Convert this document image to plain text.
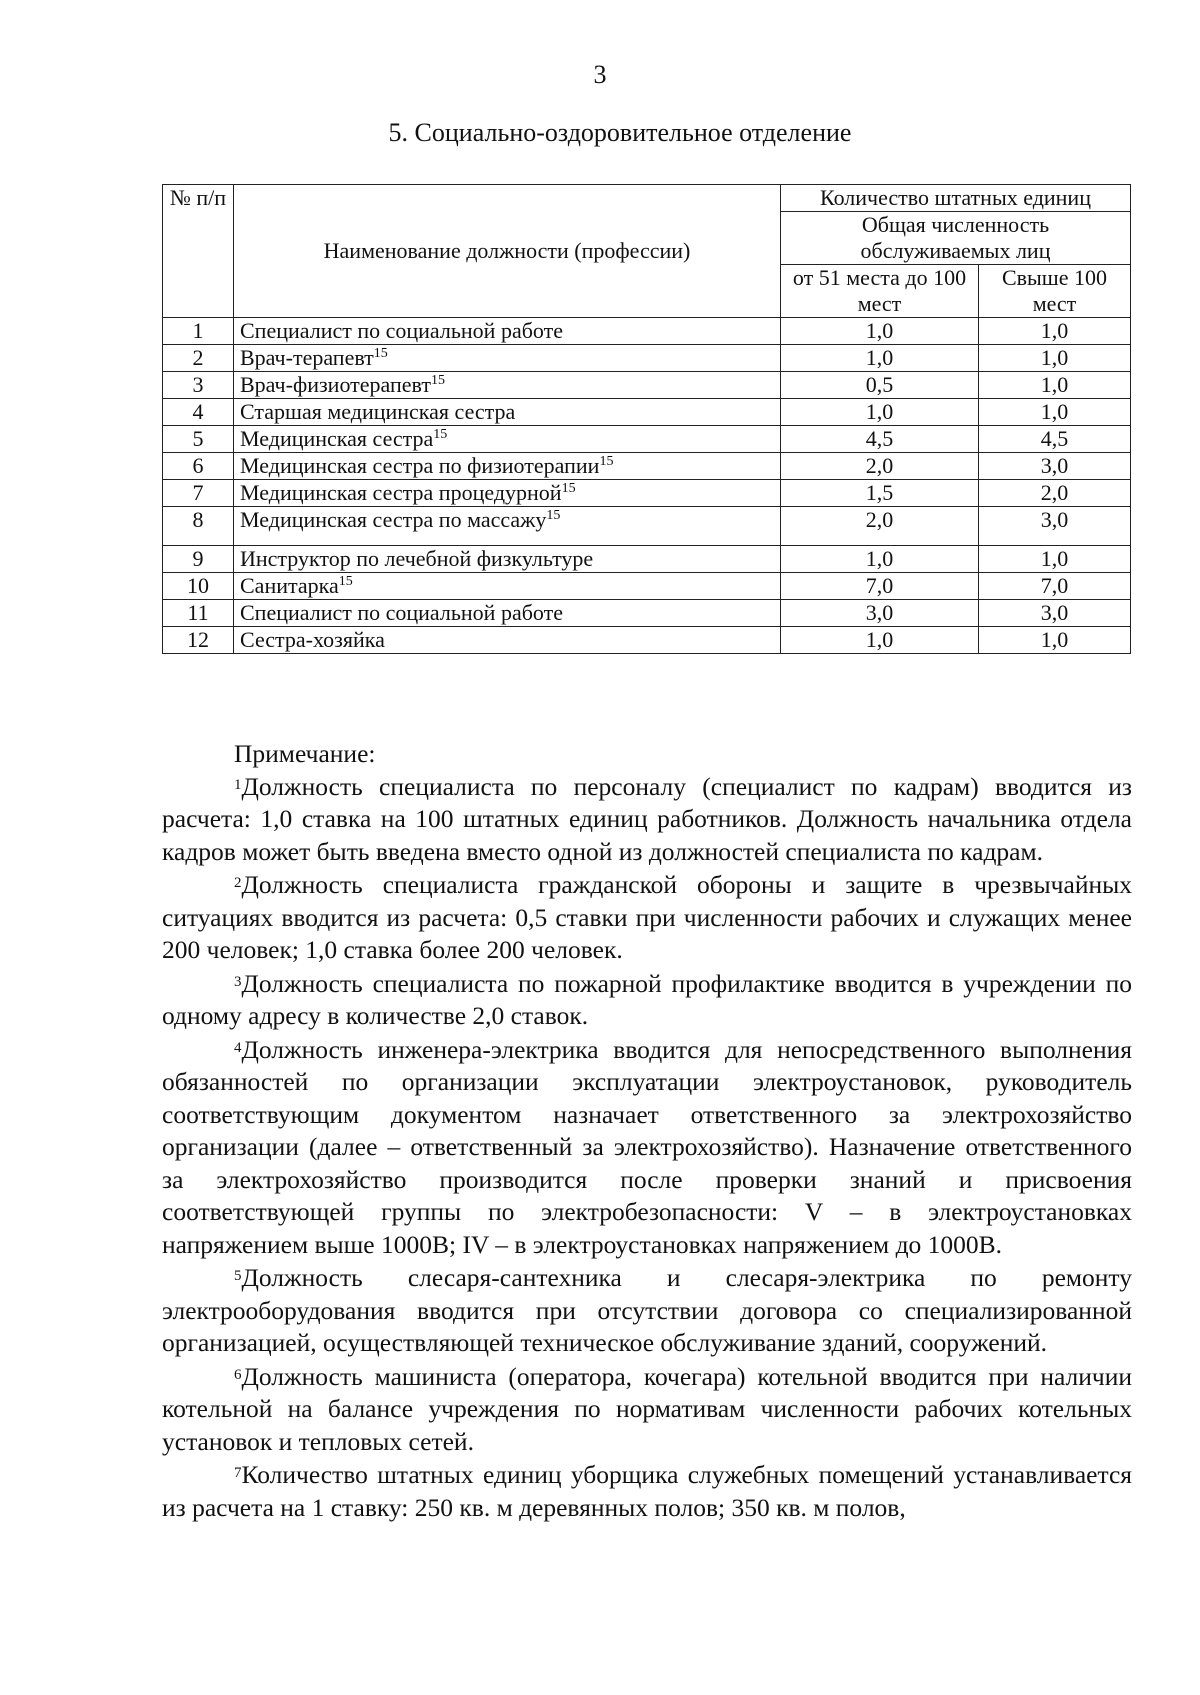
3
5. Социально-оздоровительное отделение
№ п/п	Наименование должности (профессии)	Количество штатных единиц	
		Общая численность обслуживаемых лиц	
		от 51 места до 100 мест	Свыше 100 мест

1	Специалист по социальной работе	1,0	1,0
2	Врач-терапевт$^{15}$	1,0	1,0
3	Врач-физиотерапевт$^{15}$	0,5	1,0
4	Старшая медицинская сестра	1,0	1,0
5	Медицинская сестра$^{15}$	4,5	4,5
6	Медицинская сестра по физиотерапии$^{15}$	2,0	3,0
7	Медицинская сестра процедурной$^{15}$	1,5	2,0
8	Медицинская сестра по массажу$^{15}$	2,0	3,0
9	Инструктор по лечебной физкультуре	1,0	1,0
10	Санитарка$^{15}$	7,0	7,0
11	Специалист по социальной работе	3,0	3,0
12	Сестра-хозяйка	1,0	1,0
Примечание:

$^1$Должность специалиста по персоналу (специалист по кадрам) вводится из расчета: 1,0 ставка на 100 штатных единиц работников. Должность начальника отдела кадров может быть введена вместо одной из должностей специалиста по кадрам.

$^2$Должность специалиста гражданской обороны и защите в чрезвычайных ситуациях вводится из расчета: 0,5 ставки при численности рабочих и служащих менее 200 человек; 1,0 ставка более 200 человек.

$^3$Должность специалиста по пожарной профилактике вводится в учреждении по одному адресу в количестве 2,0 ставок.

$^4$Должность инженера-электрика вводится для непосредственного выполнения обязанностей по организации эксплуатации электроустановок, руководитель соответствующим документом назначает ответственного за электрохозяйство организации (далее – ответственный за электрохозяйство). Назначение ответственного за электрохозяйство производится после проверки знаний и присвоения соответствующей группы по электробезопасности: V – в электроустановках напряжением выше 1000В; IV – в электроустановках напряжением до 1000В.

$^5$Должность слесаря-сантехника и слесаря-электрика по ремонту электрооборудования вводится при отсутствии договора со специализированной организацией, осуществляющей техническое обслуживание зданий, сооружений.

$^6$Должность машиниста (оператора, кочегара) котельной вводится при наличии котельной на балансе учреждения по нормативам численности рабочих котельных установок и тепловых сетей.

$^7$Количество штатных единиц уборщика служебных помещений устанавливается из расчета на 1 ставку: 250 кв. м деревянных полов; 350 кв. м полов,
